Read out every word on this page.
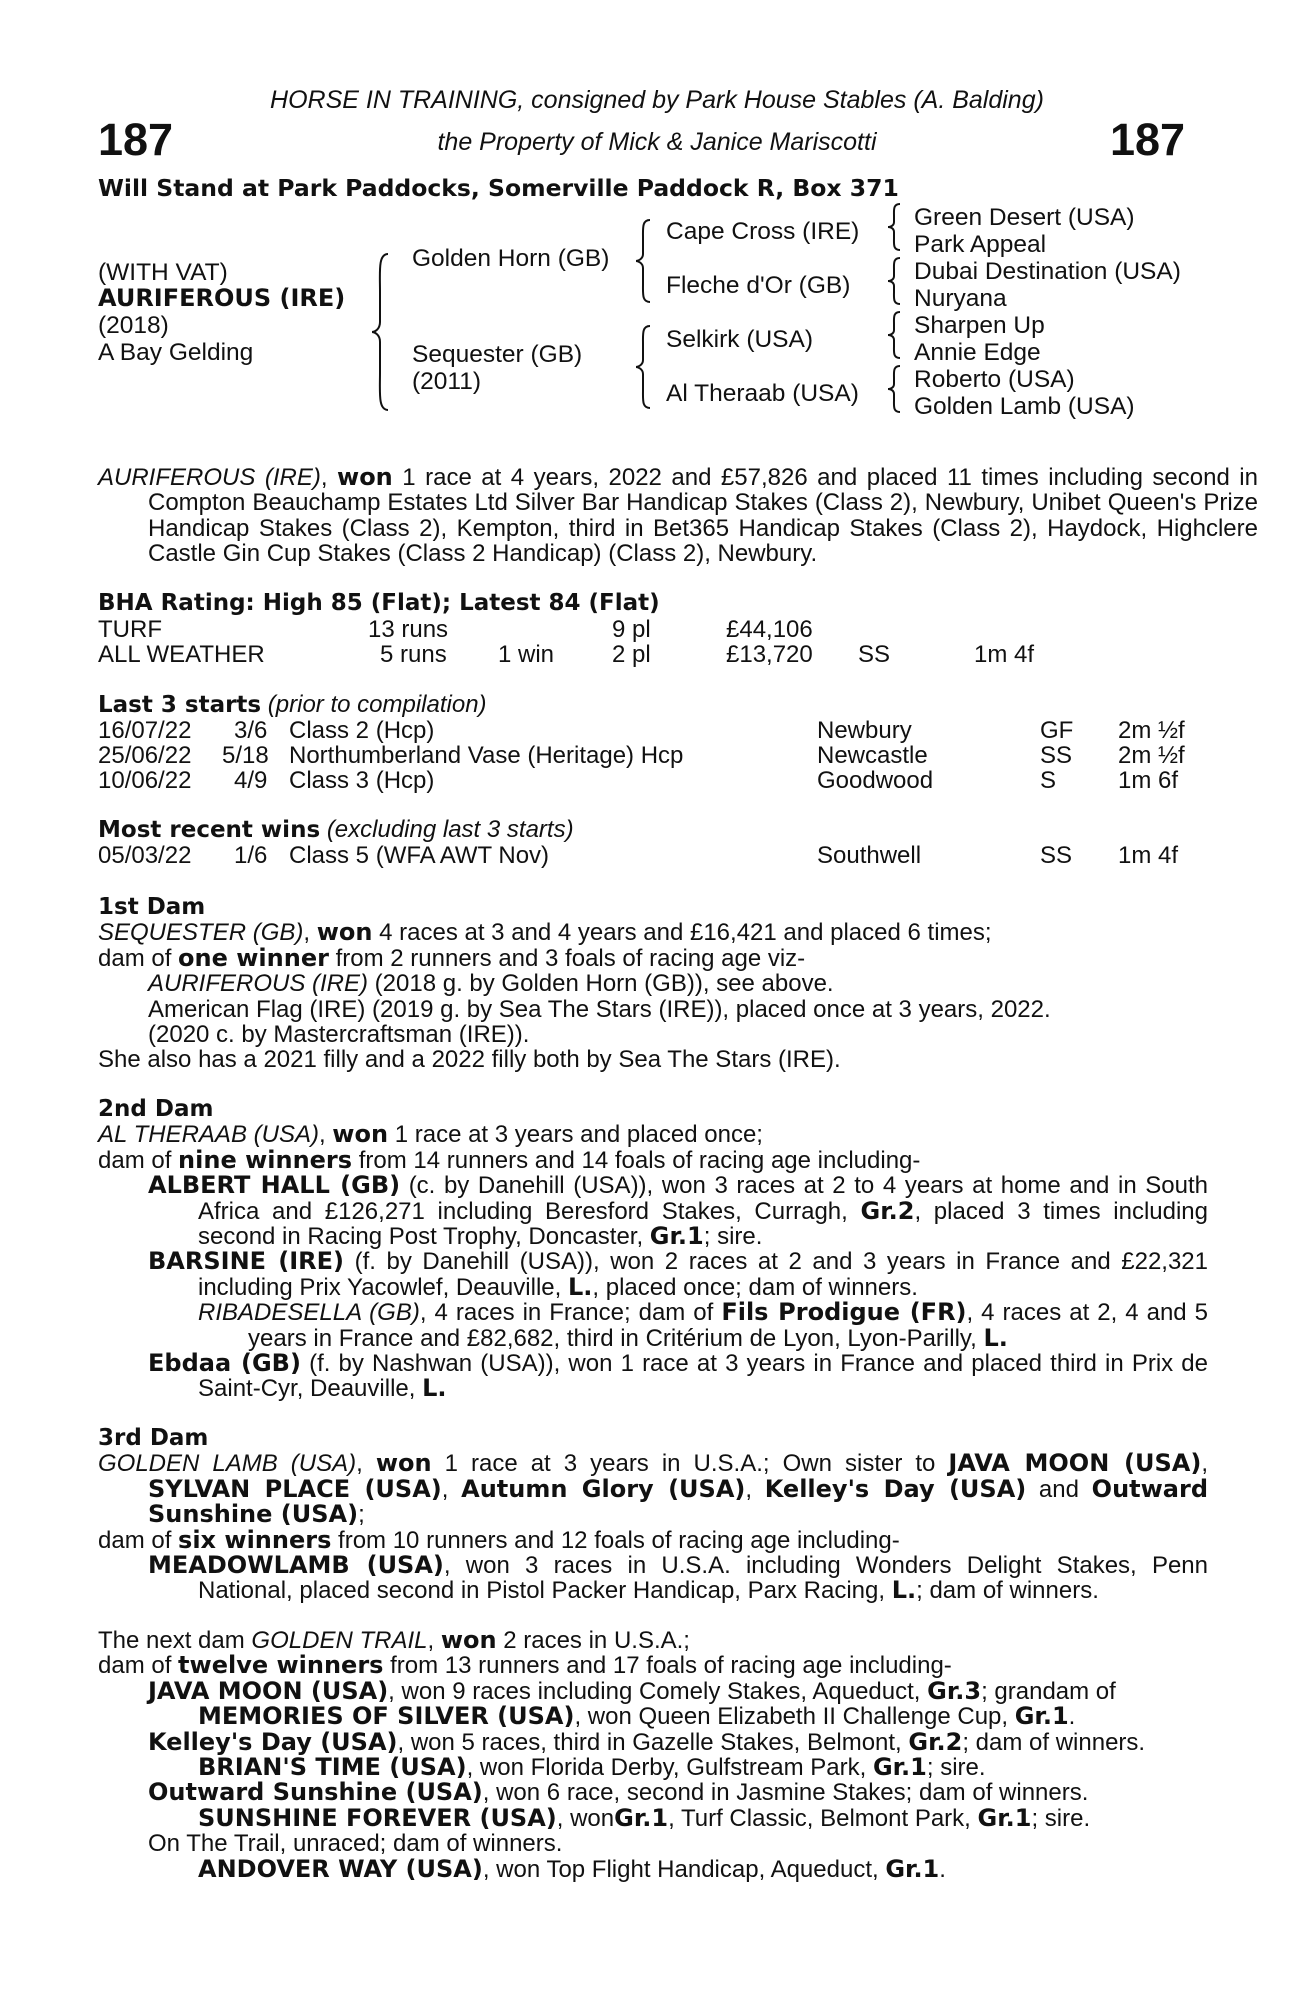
187	187
HORSE IN TRAINING, consigned by Park House Stables (A. Balding)
the Property of Mick & Janice Mariscotti
Will Stand at Park Paddocks, Somerville Paddock R, Box 371
(WITH VAT)
AURIFEROUS (IRE)
(2018)
A Bay Gelding
Golden Horn (GB)
Sequester (GB)
(2011)
Cape Cross (IRE)
Fleche d'Or (GB)
Selkirk (USA)
Al Theraab (USA)
Green Desert (USA)
Park Appeal
Dubai Destination (USA)
Nuryana
Sharpen Up
Annie Edge
Roberto (USA)
Golden Lamb (USA)
AURIFEROUS (IRE), won 1 race at 4 years, 2022 and £57,826 and placed 11 times including second in Compton Beauchamp Estates Ltd Silver Bar Handicap Stakes (Class 2), Newbury, Unibet Queen's Prize Handicap Stakes (Class 2), Kempton, third in Bet365 Handicap Stakes (Class 2), Haydock, Highclere Castle Gin Cup Stakes (Class 2 Handicap) (Class 2), Newbury.
BHA Rating: High 85 (Flat); Latest 84 (Flat)
TURF	13 runs	9 pl	£44,106
ALL WEATHER	5 runs 1 win 2 pl	£13,720 SS	1m 4f
Last 3 starts (prior to compilation)
16/07/22 3/6 Class 2 (Hcp)	Newbury	GF 2m ½f
25/06/22 5/18 Northumberland Vase (Heritage) Hcp	Newcastle	SS 2m ½f
10/06/22 4/9 Class 3 (Hcp)	Goodwood	S	1m 6f
Most recent wins (excluding last 3 starts)
05/03/22 1/6 Class 5 (WFA AWT Nov)	Southwell	SS 1m 4f
1st Dam
SEQUESTER (GB), won 4 races at 3 and 4 years and £16,421 and placed 6 times;
dam of one winner from 2 runners and 3 foals of racing age viz-
AURIFEROUS (IRE) (2018 g. by Golden Horn (GB)), see above.
American Flag (IRE) (2019 g. by Sea The Stars (IRE)), placed once at 3 years, 2022.
(2020 c. by Mastercraftsman (IRE)).
She also has a 2021 filly and a 2022 filly both by Sea The Stars (IRE).
2nd Dam
AL THERAAB (USA), won 1 race at 3 years and placed once;
dam of nine winners from 14 runners and 14 foals of racing age including-
ALBERT HALL (GB) (c. by Danehill (USA)), won 3 races at 2 to 4 years at home and in South Africa and £126,271 including Beresford Stakes, Curragh, Gr.2, placed 3 times including second in Racing Post Trophy, Doncaster, Gr.1; sire.
BARSINE (IRE) (f. by Danehill (USA)), won 2 races at 2 and 3 years in France and £22,321 including Prix Yacowlef, Deauville, L., placed once; dam of winners.
RIBADESELLA (GB), 4 races in France; dam of Fils Prodigue (FR), 4 races at 2, 4 and 5 years in France and £82,682, third in Critérium de Lyon, Lyon-Parilly, L.
Ebdaa (GB) (f. by Nashwan (USA)), won 1 race at 3 years in France and placed third in Prix de Saint-Cyr, Deauville, L.
3rd Dam
GOLDEN LAMB (USA), won 1 race at 3 years in U.S.A.; Own sister to JAVA MOON (USA), SYLVAN PLACE (USA), Autumn Glory (USA), Kelley's Day (USA) and Outward Sunshine (USA);
dam of six winners from 10 runners and 12 foals of racing age including-
MEADOWLAMB (USA), won 3 races in U.S.A. including Wonders Delight Stakes, Penn National, placed second in Pistol Packer Handicap, Parx Racing, L.; dam of winners.
The next dam GOLDEN TRAIL, won 2 races in U.S.A.;
dam of twelve winners from 13 runners and 17 foals of racing age including-
JAVA MOON (USA), won 9 races including Comely Stakes, Aqueduct, Gr.3; grandam of
MEMORIES OF SILVER (USA), won Queen Elizabeth II Challenge Cup, Gr.1.
Kelley's Day (USA), won 5 races, third in Gazelle Stakes, Belmont, Gr.2; dam of winners.
BRIAN'S TIME (USA), won Florida Derby, Gulfstream Park, Gr.1; sire.
Outward Sunshine (USA), won 6 race, second in Jasmine Stakes; dam of winners.
SUNSHINE FOREVER (USA), wonGr.1, Turf Classic, Belmont Park, Gr.1; sire.
On The Trail, unraced; dam of winners.
ANDOVER WAY (USA), won Top Flight Handicap, Aqueduct, Gr.1.
